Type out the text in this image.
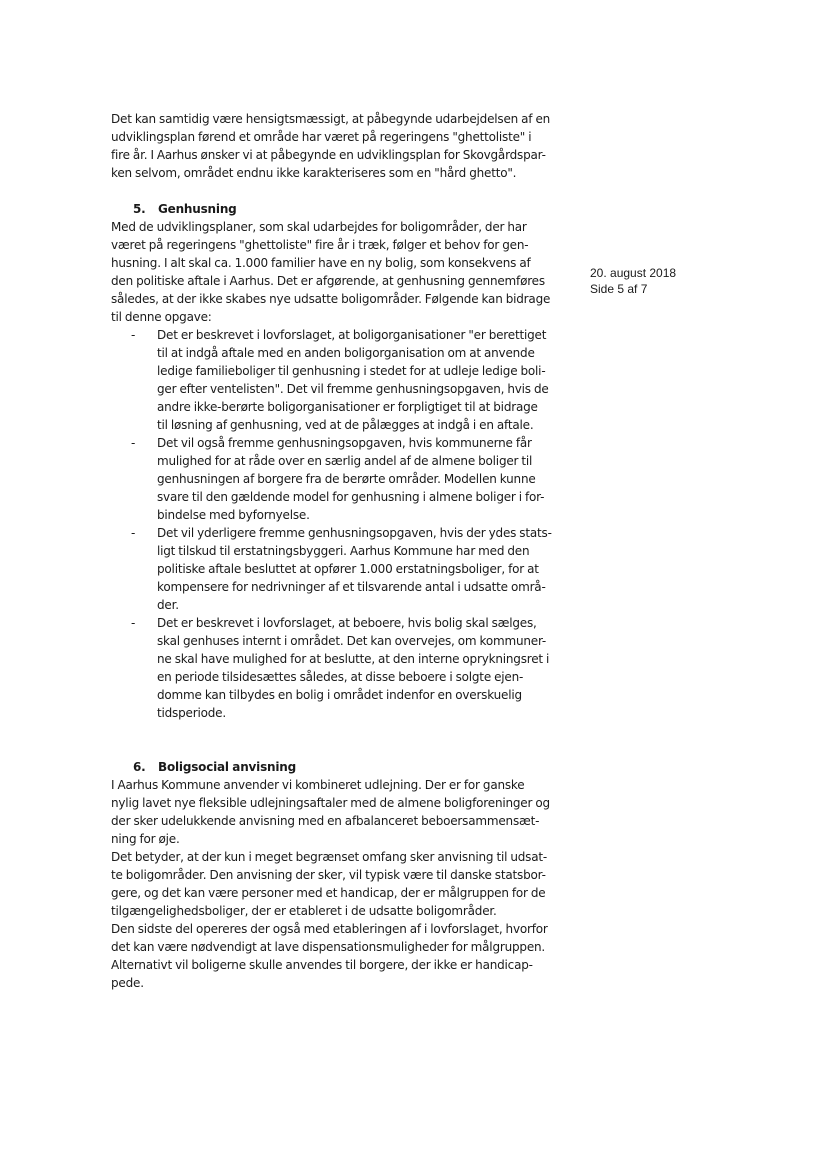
20. august 2018
Side 5 af 7

Det kan samtidig være hensigtsmæssigt, at påbegynde udarbejdelsen af en
udviklingsplan førend et område har været på regeringens "ghettoliste" i
fire år. I Aarhus ønsker vi at påbegynde en udviklingsplan for Skovgårdspar-
ken selvom, området endnu ikke karakteriseres som en "hård ghetto".

5. Genhusning

Med de udviklingsplaner, som skal udarbejdes for boligområder, der har
været på regeringens "ghettoliste" fire år i træk, følger et behov for gen-
husning. I alt skal ca. 1.000 familier have en ny bolig, som konsekvens af
den politiske aftale i Aarhus. Det er afgørende, at genhusning gennemføres
således, at der ikke skabes nye udsatte boligområder. Følgende kan bidrage
til denne opgave:

- Det er beskrevet i lovforslaget, at boligorganisationer "er berettiget
til at indgå aftale med en anden boligorganisation om at anvende
ledige familieboliger til genhusning i stedet for at udleje ledige boli-
ger efter ventelisten". Det vil fremme genhusningsopgaven, hvis de
andre ikke-berørte boligorganisationer er forpligtiget til at bidrage
til løsning af genhusning, ved at de pålægges at indgå i en aftale.
- Det vil også fremme genhusningsopgaven, hvis kommunerne får
mulighed for at råde over en særlig andel af de almene boliger til
genhusningen af borgere fra de berørte områder. Modellen kunne
svare til den gældende model for genhusning i almene boliger i for-
bindelse med byfornyelse.
- Det vil yderligere fremme genhusningsopgaven, hvis der ydes stats-
ligt tilskud til erstatningsbyggeri. Aarhus Kommune har med den
politiske aftale besluttet at opfører 1.000 erstatningsboliger, for at
kompensere for nedrivninger af et tilsvarende antal i udsatte områ-
der.
- Det er beskrevet i lovforslaget, at beboere, hvis bolig skal sælges,
skal genhuses internt i området. Det kan overvejes, om kommuner-
ne skal have mulighed for at beslutte, at den interne oprykningsret i
en periode tilsidesættes således, at disse beboere i solgte ejen-
domme kan tilbydes en bolig i området indenfor en overskuelig
tidsperiode.
6. Boligsocial anvisning

I Aarhus Kommune anvender vi kombineret udlejning. Der er for ganske
nylig lavet nye fleksible udlejningsaftaler med de almene boligforeninger og
der sker udelukkende anvisning med en afbalanceret beboersammensæt-
ning for øje.

Det betyder, at der kun i meget begrænset omfang sker anvisning til udsat-
te boligområder. Den anvisning der sker, vil typisk være til danske statsbor-
gere, og det kan være personer med et handicap, der er målgruppen for de
tilgængelighedsboliger, der er etableret i de udsatte boligområder.

Den sidste del opereres der også med etableringen af i lovforslaget, hvorfor
det kan være nødvendigt at lave dispensationsmuligheder for målgruppen.
Alternativt vil boligerne skulle anvendes til borgere, der ikke er handicap-
pede.
